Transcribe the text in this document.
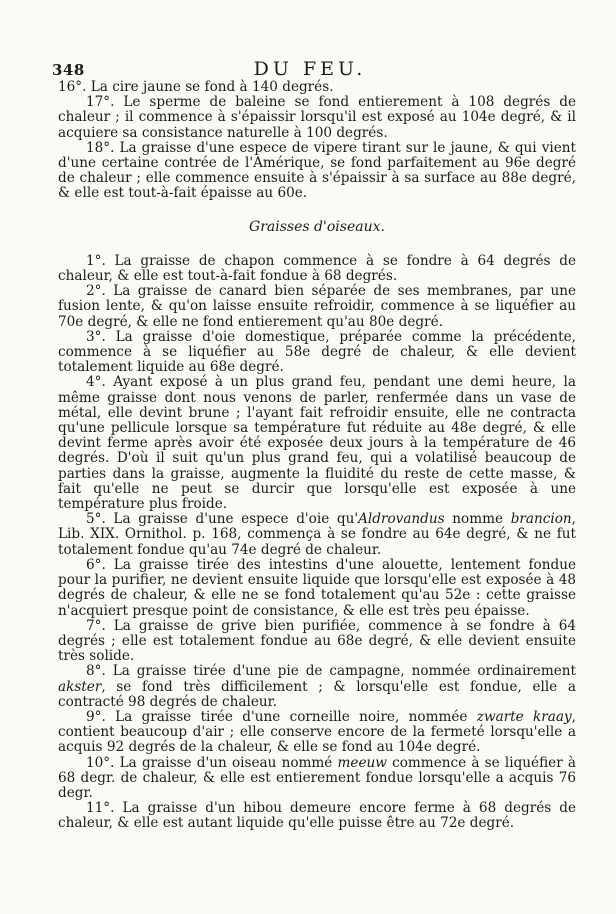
348	DU FEU.

16°. La cire jaune se fond à 140 degrés.

17°. Le sperme de baleine se fond entierement à 108 degrés de chaleur ; il commence à s'épaissir lorsqu'il est exposé au 104e degré, & il acquiere sa consistance naturelle à 100 degrés.

18°. La graisse d'une espece de vipere tirant sur le jaune, & qui vient d'une certaine contrée de l'Amérique, se fond parfaitement au 96e degré de chaleur ; elle commence ensuite à s'épaissir à sa surface au 88e degré, & elle est tout-à-fait épaisse au 60e.

Graisses d'oiseaux.

1°. La graisse de chapon commence à se fondre à 64 degrés de chaleur, & elle est tout-à-fait fondue à 68 degrés.

2°. La graisse de canard bien séparée de ses membranes, par une fusion lente, & qu'on laisse ensuite refroidir, commence à se liquéfier au 70e degré, & elle ne fond entierement qu'au 80e degré.

3°. La graisse d'oie domestique, préparée comme la précédente, commence à se liquéfier au 58e degré de chaleur, & elle devient totalement liquide au 68e degré.

4°. Ayant exposé à un plus grand feu, pendant une demi heure, la même graisse dont nous venons de parler, renfermée dans un vase de métal, elle devint brune ; l'ayant fait refroidir ensuite, elle ne contracta qu'une pellicule lorsque sa température fut réduite au 48e degré, & elle devint ferme après avoir été exposée deux jours à la température de 46 degrés. D'où il suit qu'un plus grand feu, qui a volatilisé beaucoup de parties dans la graisse, augmente la fluidité du reste de cette masse, & fait qu'elle ne peut se durcir que lorsqu'elle est exposée à une température plus froide.

5°. La graisse d'une espece d'oie qu'Aldrovandus nomme brancion, Lib. XIX. Ornithol. p. 168, commença à se fondre au 64e degré, & ne fut totalement fondue qu'au 74e degré de chaleur.

6°. La graisse tirée des intestins d'une alouette, lentement fondue pour la purifier, ne devient ensuite liquide que lorsqu'elle est exposée à 48 degrés de chaleur, & elle ne se fond totalement qu'au 52e : cette graisse n'acquiert presque point de consistance, & elle est très peu épaisse.

7°. La graisse de grive bien purifiée, commence à se fondre à 64 degrés ; elle est totalement fondue au 68e degré, & elle devient ensuite très solide.

8°. La graisse tirée d'une pie de campagne, nommée ordinairement akster, se fond très difficilement ; & lorsqu'elle est fondue, elle a contracté 98 degrés de chaleur.

9°. La graisse tirée d'une corneille noire, nommée zwarte kraay, contient beaucoup d'air ; elle conserve encore de la fermeté lorsqu'elle a acquis 92 degrés de la chaleur, & elle se fond au 104e degré.

10°. La graisse d'un oiseau nommé meeuw commence à se liquéfier à 68 degr. de chaleur, & elle est entierement fondue lorsqu'elle a acquis 76 degr.

11°. La graisse d'un hibou demeure encore ferme à 68 degrés de chaleur, & elle est autant liquide qu'elle puisse être au 72e degré.
